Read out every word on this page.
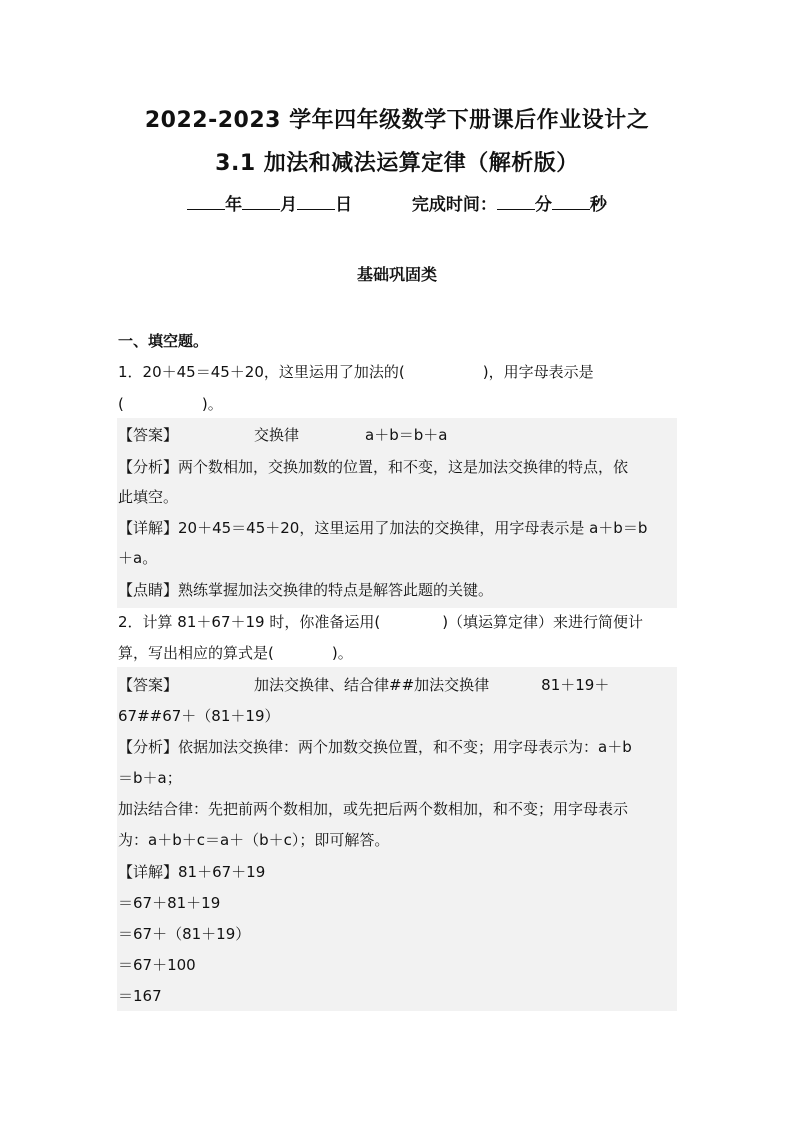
2022-2023 学年四年级数学下册课后作业设计之
3.1 加法和减法运算定律（解析版）
年 月 日	完成时间： 分 秒
基础巩固类
一、填空题。
1．20＋45＝45＋20，这里运用了加法的(	)，用字母表示是
(	)。
【答案】	交换律	a＋b＝b＋a
【分析】两个数相加，交换加数的位置，和不变，这是加法交换律的特点，依
此填空。
【详解】20＋45＝45＋20，这里运用了加法的交换律，用字母表示是 a＋b＝b
＋a。
【点睛】熟练掌握加法交换律的特点是解答此题的关键。
2．计算 81＋67＋19 时，你准备运用(	)（填运算定律）来进行简便计
算，写出相应的算式是(	)。
【答案】	加法交换律、结合律##加法交换律	81＋19＋
67##67＋（81＋19）
【分析】依据加法交换律：两个加数交换位置，和不变；用字母表示为：a＋b
＝b＋a；
加法结合律：先把前两个数相加，或先把后两个数相加，和不变；用字母表示
为：a＋b＋c＝a＋（b＋c）；即可解答。
【详解】81＋67＋19
＝67＋81＋19
＝67＋（81＋19）
＝67＋100
＝167
